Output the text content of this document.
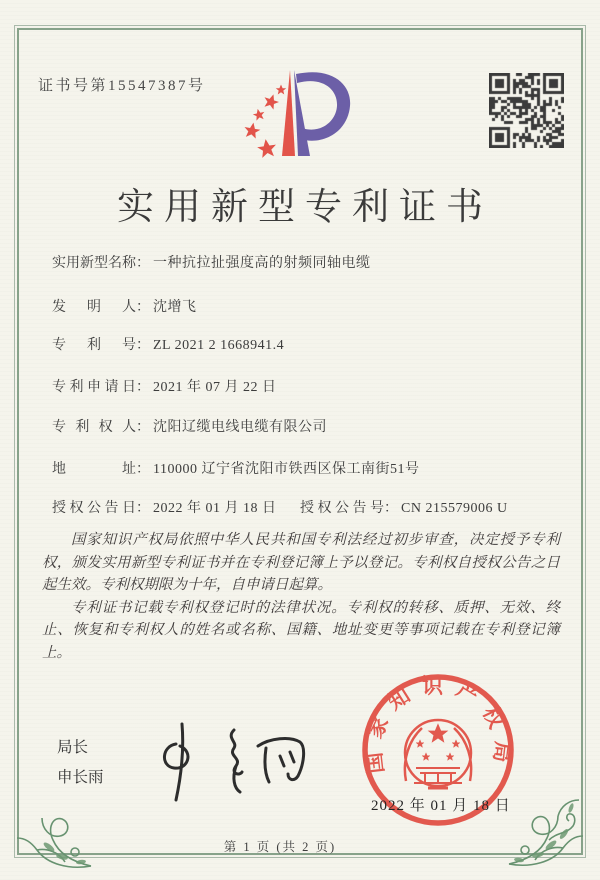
证书号第15547387号
实用新型专利证书
实用新型名称 ： 一种抗拉扯强度高的射频同轴电缆
发明人 ： 沈增飞
专利号 ： ZL 2021 2 1668941.4
专利申请日 ： 2021 年 07 月 22 日
专利权人 ： 沈阳辽缆电线电缆有限公司
地址 ： 110000 辽宁省沈阳市铁西区保工南街51号
授权公告日 ： 2022 年 01 月 18 日 授权公告号 ： CN 215579006 U

国家知识产权局依照中华人民共和国专利法经过初步审查，决定授予专利权，颁发实用新型专利证书并在专利登记簿上予以登记。专利权自授权公告之日起生效。专利权期限为十年，自申请日起算。

专利证书记载专利权登记时的法律状况。专利权的转移、质押、无效、终止、恢复和专利权人的姓名或名称、国籍、地址变更等事项记载在专利登记簿上。

局长
申长雨
国家知识产权局
2022 年 01 月 18 日
第 1 页 (共 2 页)
